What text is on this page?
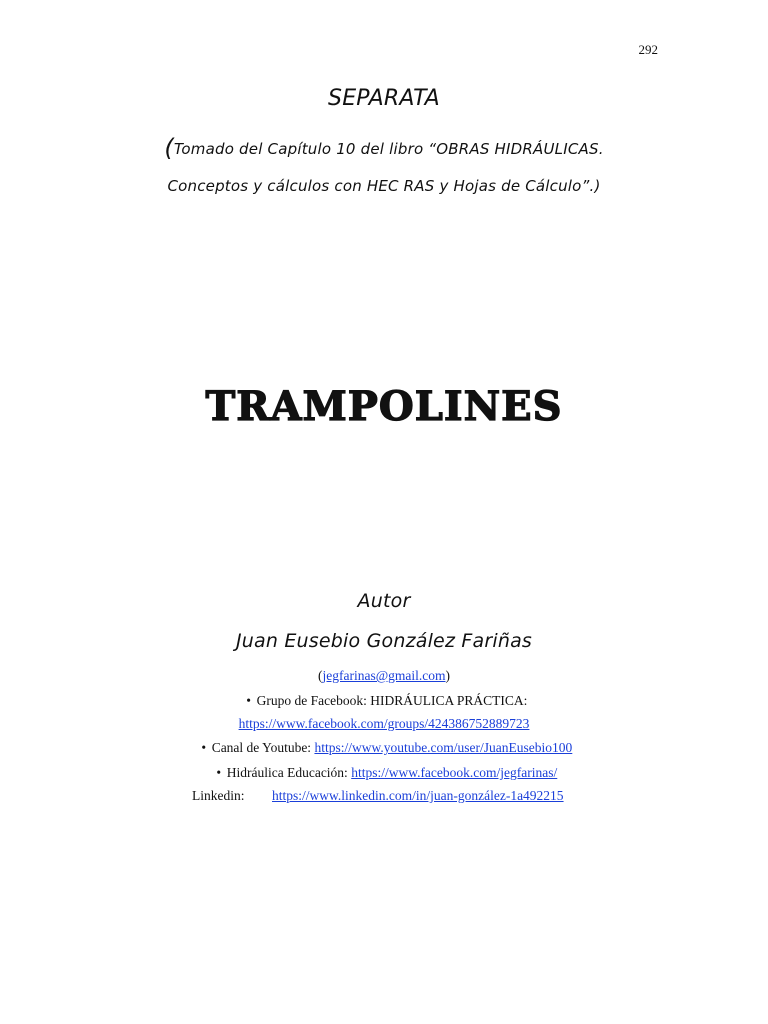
292
SEPARATA
(Tomado del Capítulo 10 del libro “OBRAS HIDRÁULICAS.
Conceptos y cálculos con HEC RAS y Hojas de Cálculo”.)
TRAMPOLINES
Autor
Juan Eusebio González Fariñas
(jegfarinas@gmail.com)
• Grupo de Facebook: HIDRÁULICA PRÁCTICA:
https://www.facebook.com/groups/424386752889723
• Canal de Youtube: https://www.youtube.com/user/JuanEusebio100
• Hidráulica Educación: https://www.facebook.com/jegfarinas/
Linkedin: https://www.linkedin.com/in/juan-gonzález-1a492215
